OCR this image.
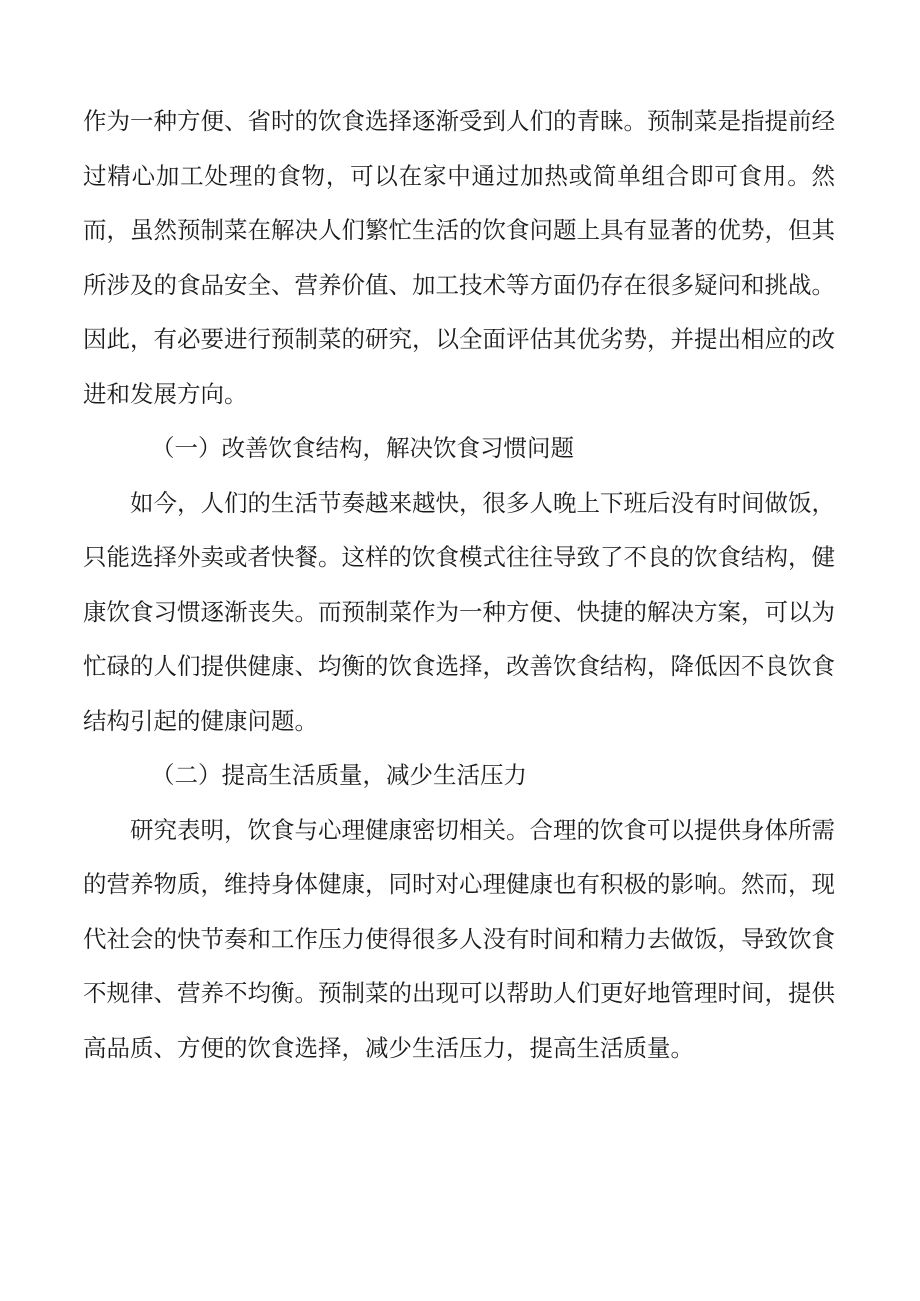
作为一种方便、省时的饮食选择逐渐受到人们的青睐。预制菜是指提前经过精心加工处理的食物，可以在家中通过加热或简单组合即可食用。然而，虽然预制菜在解决人们繁忙生活的饮食问题上具有显著的优势，但其所涉及的食品安全、营养价值、加工技术等方面仍存在很多疑问和挑战。因此，有必要进行预制菜的研究，以全面评估其优劣势，并提出相应的改进和发展方向。

（一）改善饮食结构，解决饮食习惯问题

如今，人们的生活节奏越来越快，很多人晚上下班后没有时间做饭，只能选择外卖或者快餐。这样的饮食模式往往导致了不良的饮食结构，健康饮食习惯逐渐丧失。而预制菜作为一种方便、快捷的解决方案，可以为忙碌的人们提供健康、均衡的饮食选择，改善饮食结构，降低因不良饮食结构引起的健康问题。

（二）提高生活质量，减少生活压力

研究表明，饮食与心理健康密切相关。合理的饮食可以提供身体所需的营养物质，维持身体健康，同时对心理健康也有积极的影响。然而，现代社会的快节奏和工作压力使得很多人没有时间和精力去做饭，导致饮食不规律、营养不均衡。预制菜的出现可以帮助人们更好地管理时间，提供高品质、方便的饮食选择，减少生活压力，提高生活质量。
